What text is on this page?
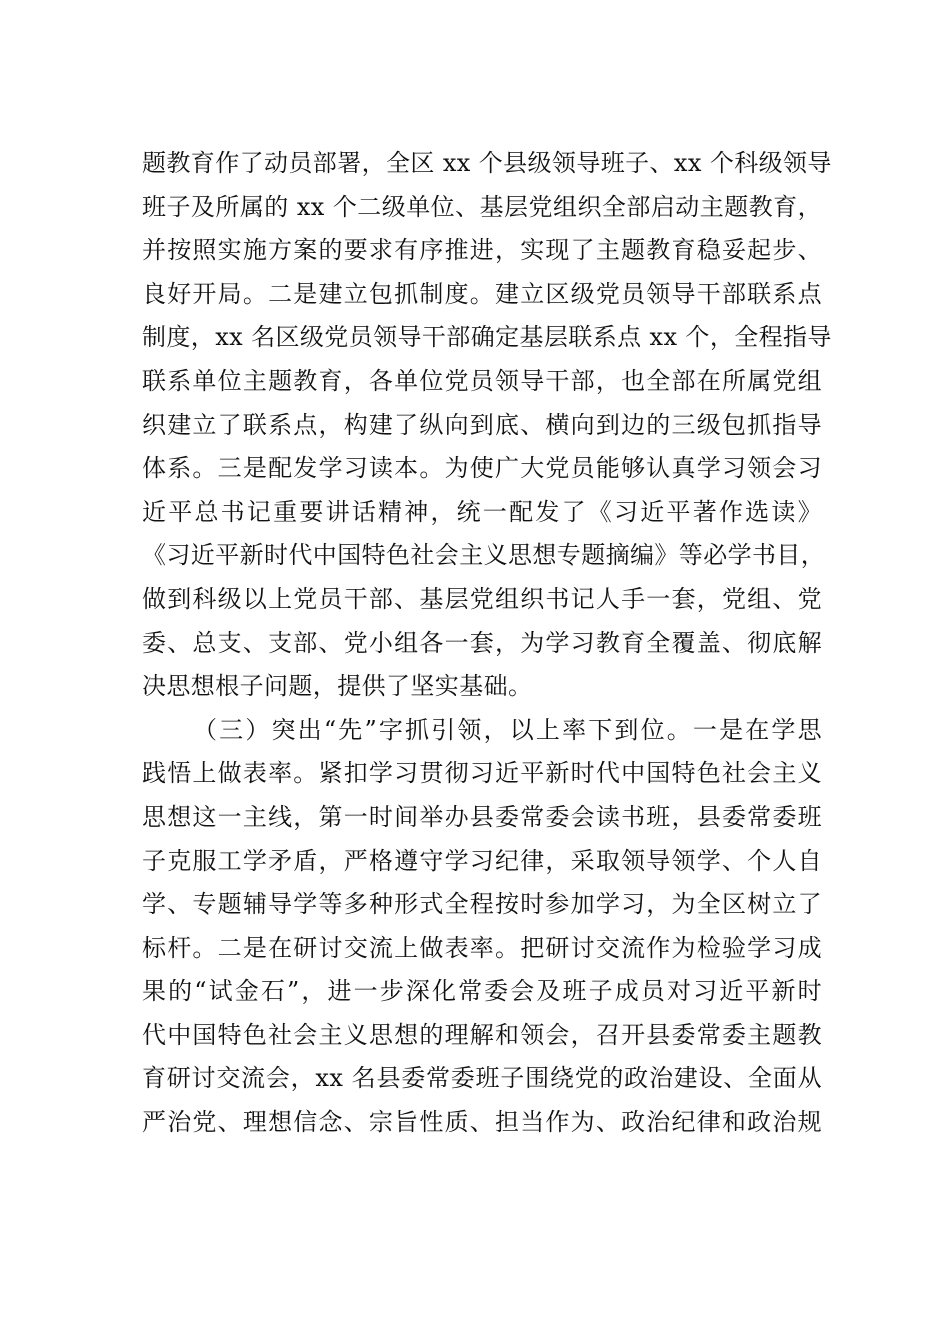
题教育作了动员部署，全区 xx 个县级领导班子、xx 个科级领导
班子及所属的 xx 个二级单位、基层党组织全部启动主题教育，
并按照实施方案的要求有序推进，实现了主题教育稳妥起步、
良好开局。二是建立包抓制度。建立区级党员领导干部联系点
制度，xx 名区级党员领导干部确定基层联系点 xx 个，全程指导
联系单位主题教育，各单位党员领导干部，也全部在所属党组
织建立了联系点，构建了纵向到底、横向到边的三级包抓指导
体系。三是配发学习读本。为使广大党员能够认真学习领会习
近平总书记重要讲话精神，统一配发了《习近平著作选读》
《习近平新时代中国特色社会主义思想专题摘编》等必学书目，
做到科级以上党员干部、基层党组织书记人手一套，党组、党
委、总支、支部、党小组各一套，为学习教育全覆盖、彻底解
决思想根子问题，提供了坚实基础。

（三）突出“先”字抓引领，以上率下到位。一是在学思
践悟上做表率。紧扣学习贯彻习近平新时代中国特色社会主义
思想这一主线，第一时间举办县委常委会读书班，县委常委班
子克服工学矛盾，严格遵守学习纪律，采取领导领学、个人自
学、专题辅导学等多种形式全程按时参加学习，为全区树立了
标杆。二是在研讨交流上做表率。把研讨交流作为检验学习成
果的“试金石”，进一步深化常委会及班子成员对习近平新时
代中国特色社会主义思想的理解和领会，召开县委常委主题教
育研讨交流会，xx 名县委常委班子围绕党的政治建设、全面从
严治党、理想信念、宗旨性质、担当作为、政治纪律和政治规
